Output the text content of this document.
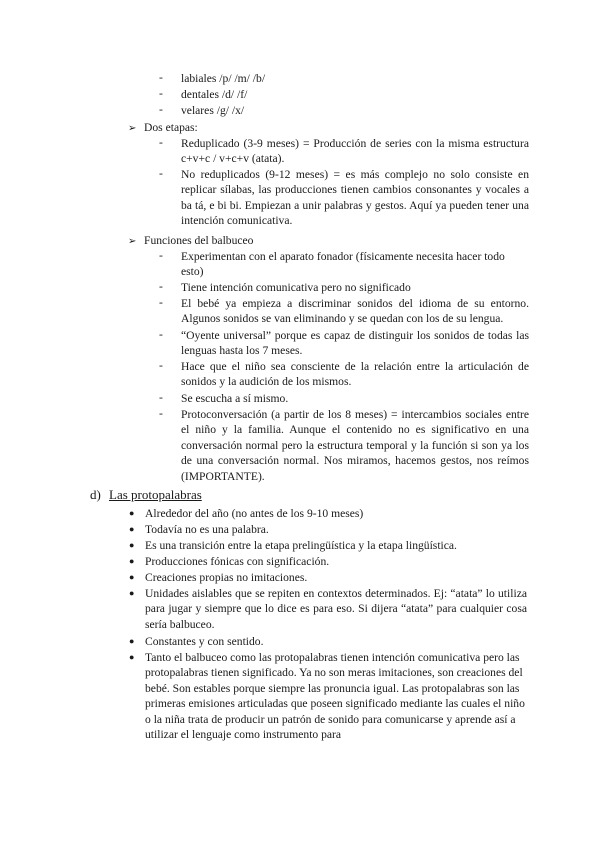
- labiales /p/ /m/ /b/
- dentales /d/ /f/
- velares /g/ /x/
➢ Dos etapas:
- Reduplicado (3-9 meses) = Producción de series con la misma estructura c+v+c / v+c+v (atata).
- No reduplicados (9-12 meses) = es más complejo no solo consiste en replicar sílabas, las producciones tienen cambios consonantes y vocales a ba tá, e bi bi. Empiezan a unir palabras y gestos. Aquí ya pueden tener una intención comunicativa.
➢ Funciones del balbuceo
- Experimentan con el aparato fonador (físicamente necesita hacer todo esto)
- Tiene intención comunicativa pero no significado
- El bebé ya empieza a discriminar sonidos del idioma de su entorno. Algunos sonidos se van eliminando y se quedan con los de su lengua.
- “Oyente universal” porque es capaz de distinguir los sonidos de todas las lenguas hasta los 7 meses.
- Hace que el niño sea consciente de la relación entre la articulación de sonidos y la audición de los mismos.
- Se escucha a sí mismo.
- Protoconversación (a partir de los 8 meses) = intercambios sociales entre el niño y la familia. Aunque el contenido no es significativo en una conversación normal pero la estructura temporal y la función si son ya los de una conversación normal. Nos miramos, hacemos gestos, nos reímos (IMPORTANTE).
d) Las protopalabras
● Alrededor del año (no antes de los 9-10 meses)
● Todavía no es una palabra.
● Es una transición entre la etapa prelingüística y la etapa lingüística.
● Producciones fónicas con significación.
● Creaciones propias no imitaciones.
● Unidades aislables que se repiten en contextos determinados. Ej: “atata” lo utiliza para jugar y siempre que lo dice es para eso. Si dijera “atata” para cualquier cosa sería balbuceo.
● Constantes y con sentido.
● Tanto el balbuceo como las protopalabras tienen intención comunicativa pero las protopalabras tienen significado. Ya no son meras imitaciones, son creaciones del bebé. Son estables porque siempre las pronuncia igual. Las protopalabras son las primeras emisiones articuladas que poseen significado mediante las cuales el niño o la niña trata de producir un patrón de sonido para comunicarse y aprende así a utilizar el lenguaje como instrumento para
